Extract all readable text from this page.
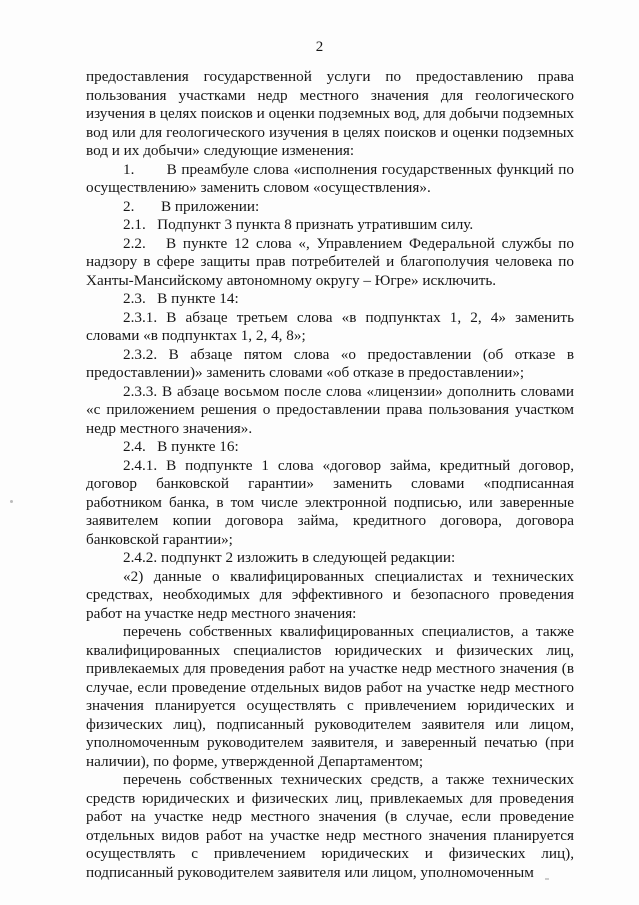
2

предоставления государственной услуги по предоставлению права пользования участками недр местного значения для геологического изучения в целях поисков и оценки подземных вод, для добычи подземных вод или для геологического изучения в целях поисков и оценки подземных вод и их добычи» следующие изменения:

1.       В преамбуле слова «исполнения государственных функций по осуществлению» заменить словом «осуществления».

2.       В приложении:

2.1.   Подпункт 3 пункта 8 признать утратившим силу.

2.2.   В пункте 12 слова «, Управлением Федеральной службы по надзору в сфере защиты прав потребителей и благополучия человека по Ханты-Мансийскому автономному округу – Югре» исключить.

2.3.   В пункте 14:

2.3.1. В абзаце третьем слова «в подпунктах 1, 2, 4» заменить словами «в подпунктах 1, 2, 4, 8»;

2.3.2. В абзаце пятом слова «о предоставлении (об отказе в предоставлении)» заменить словами «об отказе в предоставлении»;

2.3.3. В абзаце восьмом после слова «лицензии» дополнить словами «с приложением решения о предоставлении права пользования участком недр местного значения».

2.4.   В пункте 16:

2.4.1. В подпункте 1 слова «договор займа, кредитный договор, договор банковской гарантии» заменить словами «подписанная работником банка, в том числе электронной подписью, или заверенные заявителем копии договора займа, кредитного договора, договора банковской гарантии»;

2.4.2. подпункт 2 изложить в следующей редакции:

«2) данные о квалифицированных специалистах и технических средствах, необходимых для эффективного и безопасного проведения работ на участке недр местного значения:

перечень собственных квалифицированных специалистов, а также квалифицированных специалистов юридических и физических лиц, привлекаемых для проведения работ на участке недр местного значения (в случае, если проведение отдельных видов работ на участке недр местного значения планируется осуществлять с привлечением юридических и физических лиц), подписанный руководителем заявителя или лицом, уполномоченным руководителем заявителя, и заверенный печатью (при наличии), по форме, утвержденной Департаментом;

перечень собственных технических средств, а также технических средств юридических и физических лиц, привлекаемых для проведения работ на участке недр местного значения (в случае, если проведение отдельных видов работ на участке недр местного значения планируется осуществлять с привлечением юридических и физических лиц), подписанный руководителем заявителя или лицом, уполномоченным
